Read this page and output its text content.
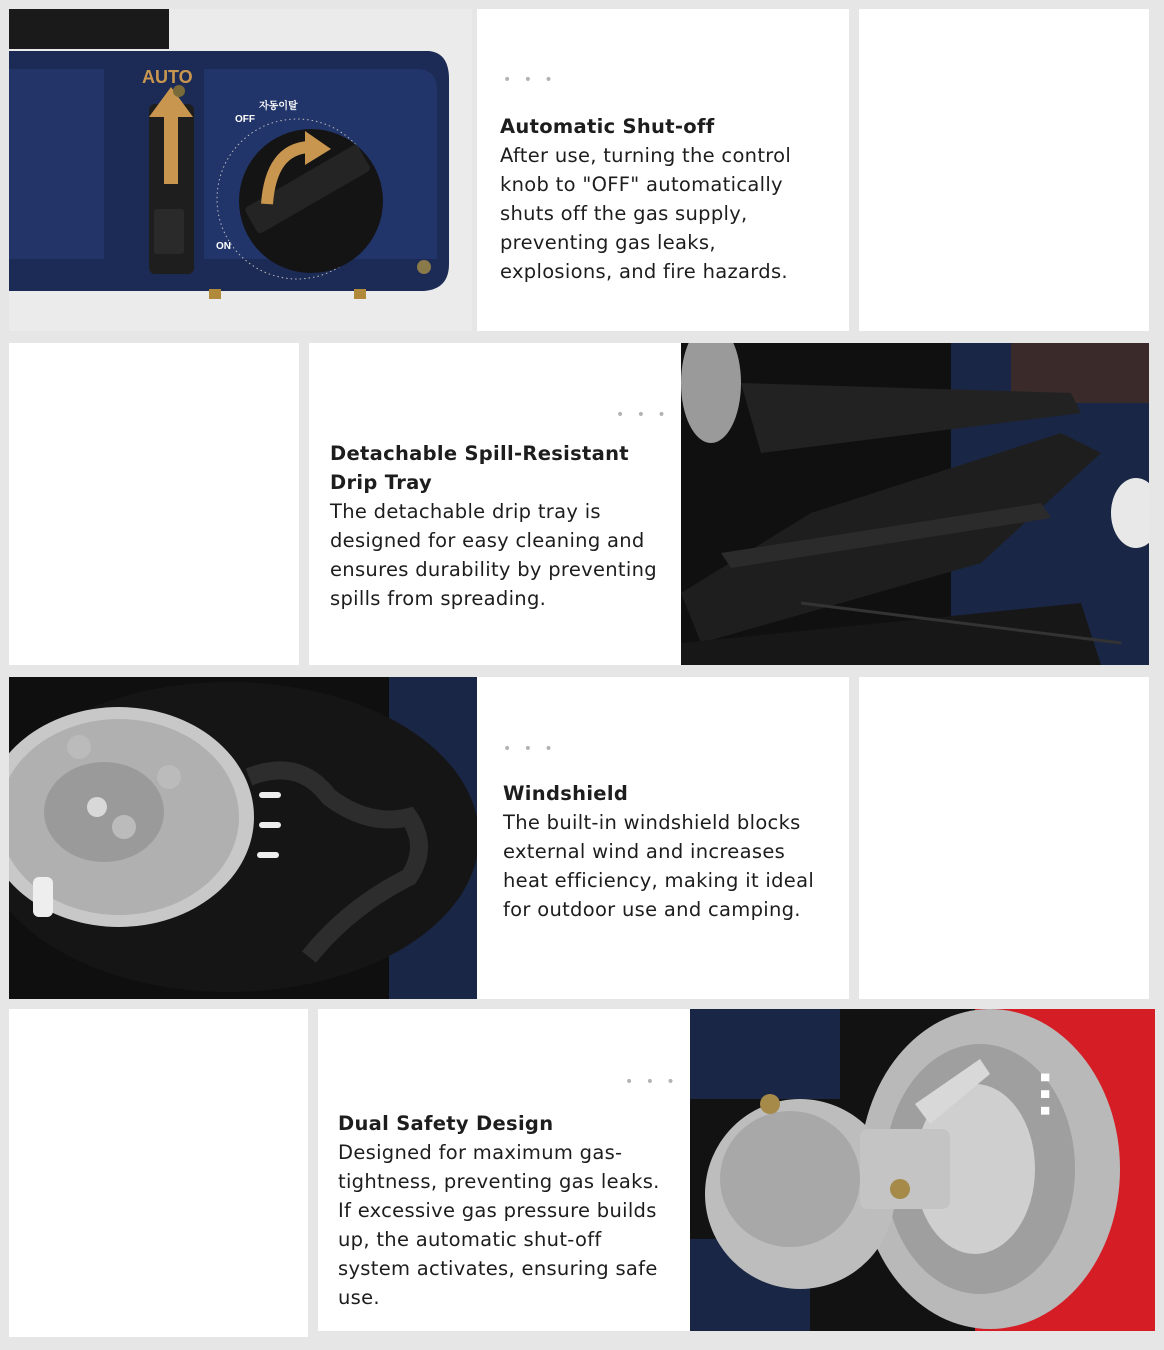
AUTO
OFF
자동이탈
ON
• • •
Automatic Shut-off
After use, turning the control knob to "OFF" automatically shuts off the gas supply, preventing gas leaks, explosions, and fire hazards.
• • •
Detachable Spill-Resistant Drip Tray
The detachable drip tray is designed for easy cleaning and ensures durability by preventing spills from spreading.
• • •
Windshield
The built-in windshield blocks external wind and increases heat efficiency, making it ideal for outdoor use and camping.
• • •
Dual Safety Design
Designed for maximum gas-tightness, preventing gas leaks. If excessive gas pressure builds up, the automatic shut-off system activates, ensuring safe use.
···
